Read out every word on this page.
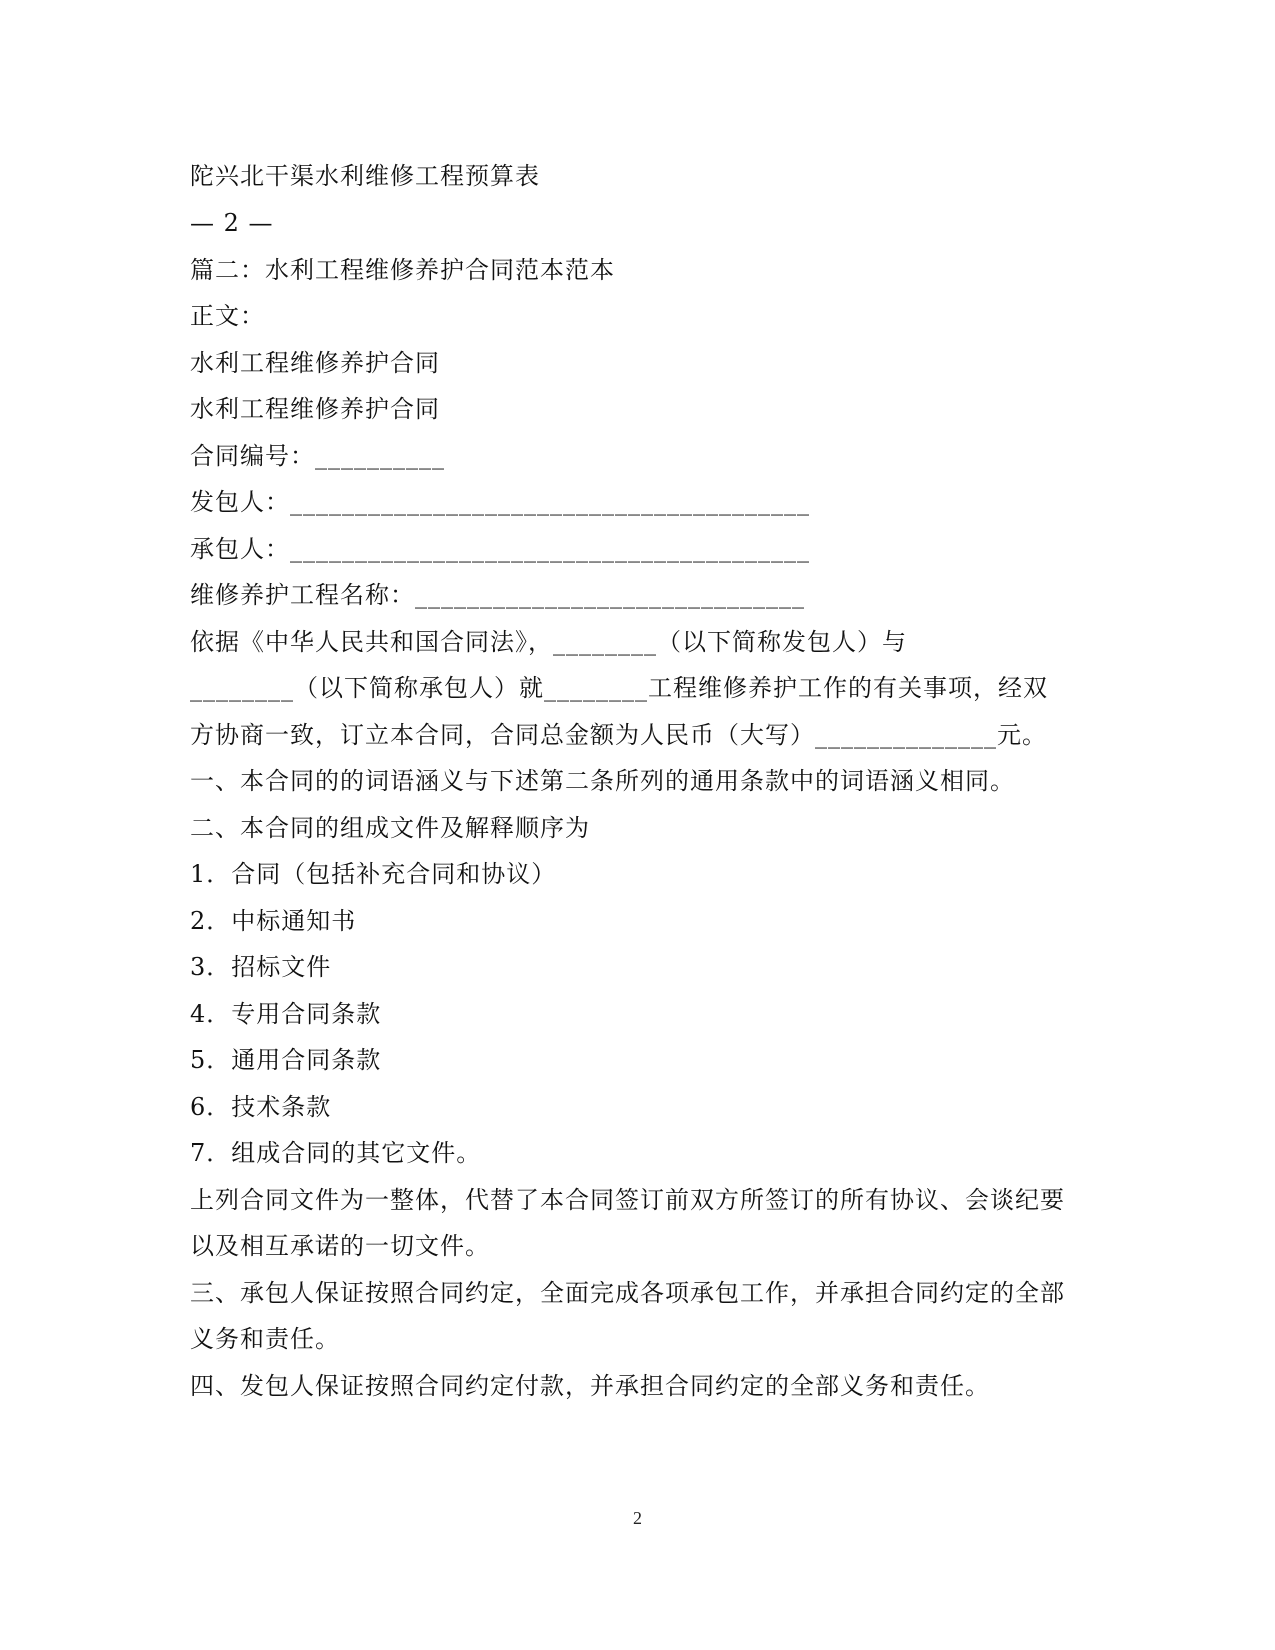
陀兴北干渠水利维修工程预算表
— 2 —
篇二：水利工程维修养护合同范本范本
正文：
水利工程维修养护合同
水利工程维修养护合同
合同编号：__________
发包人：________________________________________
承包人：________________________________________
维修养护工程名称：______________________________
依据《中华人民共和国合同法》，________（以下简称发包人）与
________（以下简称承包人）就________工程维修养护工作的有关事项，经双
方协商一致，订立本合同，合同总金额为人民币（大写）______________元。
一、本合同的的词语涵义与下述第二条所列的通用条款中的词语涵义相同。
二、本合同的组成文件及解释顺序为
1．合同（包括补充合同和协议）
2．中标通知书
3．招标文件
4．专用合同条款
5．通用合同条款
6．技术条款
7．组成合同的其它文件。
上列合同文件为一整体，代替了本合同签订前双方所签订的所有协议、会谈纪要
以及相互承诺的一切文件。
三、承包人保证按照合同约定，全面完成各项承包工作，并承担合同约定的全部
义务和责任。
四、发包人保证按照合同约定付款，并承担合同约定的全部义务和责任。
2
